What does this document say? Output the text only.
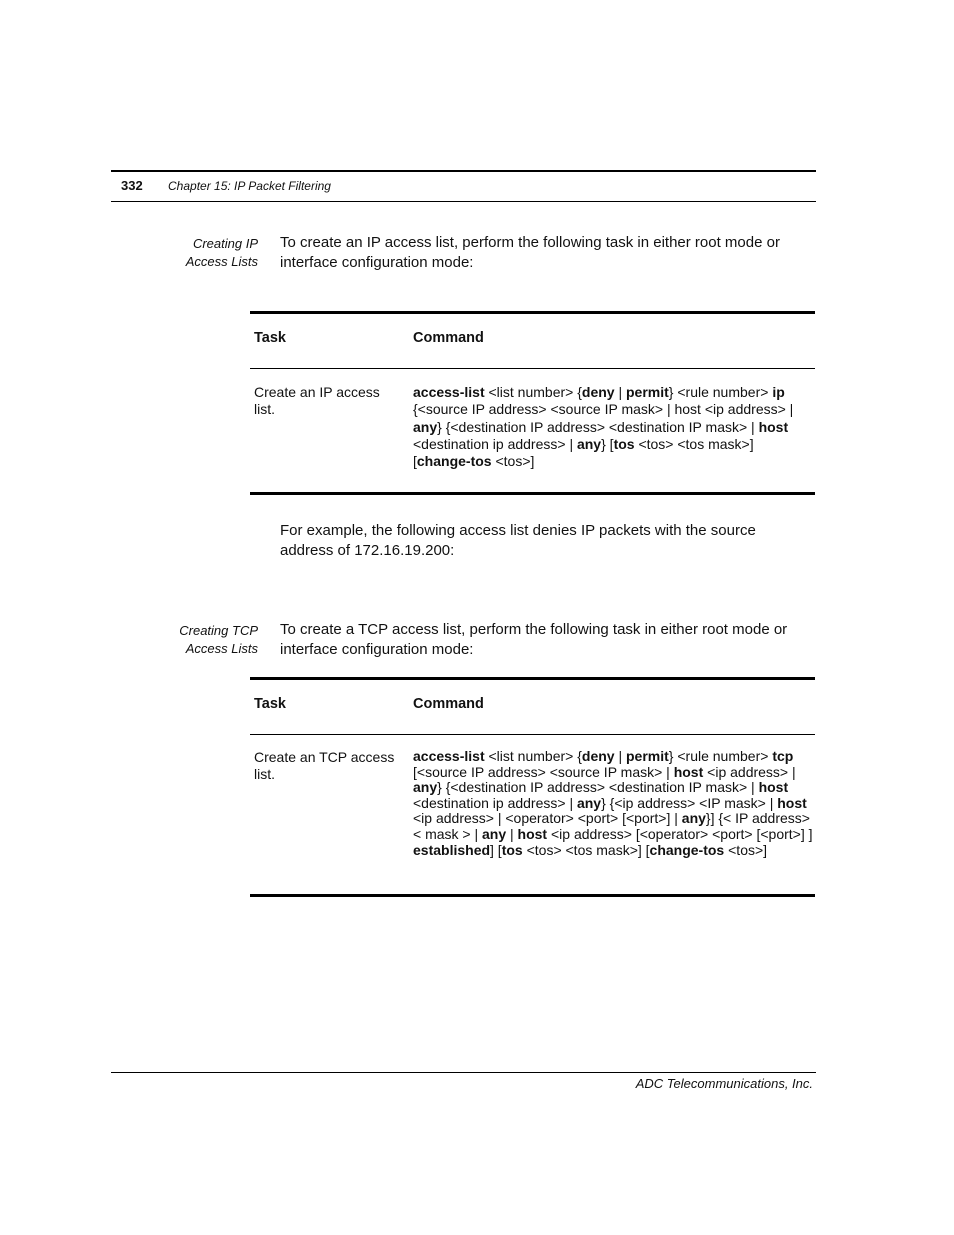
332 Chapter 15: IP Packet Filtering
Creating IP
Access Lists
To create an IP access list, perform the following task in either root mode or interface configuration mode:
Task	Command
Create an IP access list.
access-list <list number> {deny | permit} <rule number> ip {<source IP address> <source IP mask> | host <ip address> | any} {<destination IP address> <destination IP mask> | host <destination ip address> | any} [tos <tos> <tos mask>] [change-tos <tos>]
For example, the following access list denies IP packets with the source address of 172.16.19.200:
Creating TCP
Access Lists
To create a TCP access list, perform the following task in either root mode or interface configuration mode:
Task	Command
Create an TCP access list.
access-list <list number> {deny | permit} <rule number> tcp [<source IP address> <source IP mask> | host <ip address> | any} {<destination IP address> <destination IP mask> | host <destination ip address> | any} {<ip address> <IP mask> | host <ip address> | <operator> <port> [<port>] | any}] {< IP address> < mask > | any | host <ip address> [<operator> <port> [<port>] ] established] [tos <tos> <tos mask>] [change-tos <tos>]
ADC Telecommunications, Inc.
